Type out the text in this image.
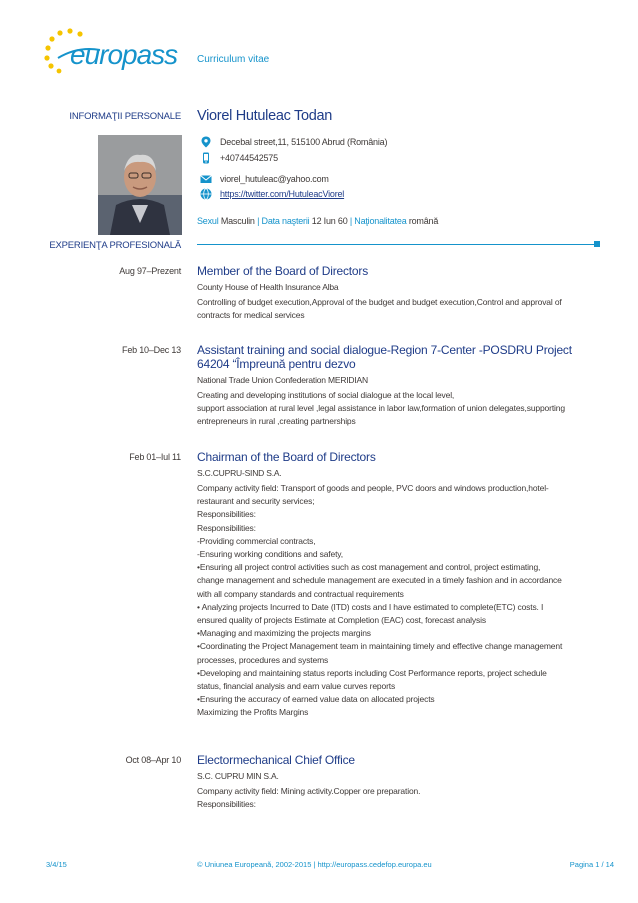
europass Curriculum vitae
INFORMAŢII PERSONALE Viorel Hutuleac Todan
Decebal street,11, 515100 Abrud (România)
+40744542575
viorel_hutuleac@yahoo.com
https://twitter.com/HutuleacViorel
Sexul Masculin | Data naşterii 12 Iun 60 | Naţionalitatea română
EXPERIENŢA PROFESIONALĂ
Aug 97–Prezent Member of the Board of Directors
County House of Health Insurance Alba
Controlling of budget execution,Approval of the budget and budget execution,Control and approval of
contracts for medical services
Feb 10–Dec 13 Assistant training and social dialogue-Region 7-Center -POSDRU Project 64204 “Împreună pentru dezvo
National Trade Union Confederation MERIDIAN
Creating and developing institutions of social dialogue at the local level,
support association at rural level ,legal assistance in labor law,formation of union delegates,supporting
entrepreneurs in rural ,creating partnerships
Feb 01–Iul 11 Chairman of the Board of Directors
S.C.CUPRU-SIND S.A.
Company activity field: Transport of goods and people, PVC doors and windows production,hotel-
restaurant and security services;
Responsibilities:
Responsibilities:
-Providing commercial contracts,
-Ensuring working conditions and safety,
•Ensuring all project control activities such as cost management and control, project estimating,
change management and schedule management are executed in a timely fashion and in accordance
with all company standards and contractual requirements
• Analyzing projects Incurred to Date (ITD) costs and I have estimated to complete(ETC) costs. I
ensured quality of projects Estimate at Completion (EAC) cost, forecast analysis
•Managing and maximizing the projects margins
•Coordinating the Project Management team in maintaining timely and effective change management
processes, procedures and systems
•Developing and maintaining status reports including Cost Performance reports, project schedule
status, financial analysis and earn value curves reports
•Ensuring the accuracy of earned value data on allocated projects
Maximizing the Profits Margins
Oct 08–Apr 10 Electormechanical Chief Office
S.C. CUPRU MIN S.A.
Company activity field: Mining activity.Copper ore preparation.
Responsibilities:
3/4/15	© Uniunea Europeană, 2002-2015 | http://europass.cedefop.europa.eu	Pagina 1 / 14
